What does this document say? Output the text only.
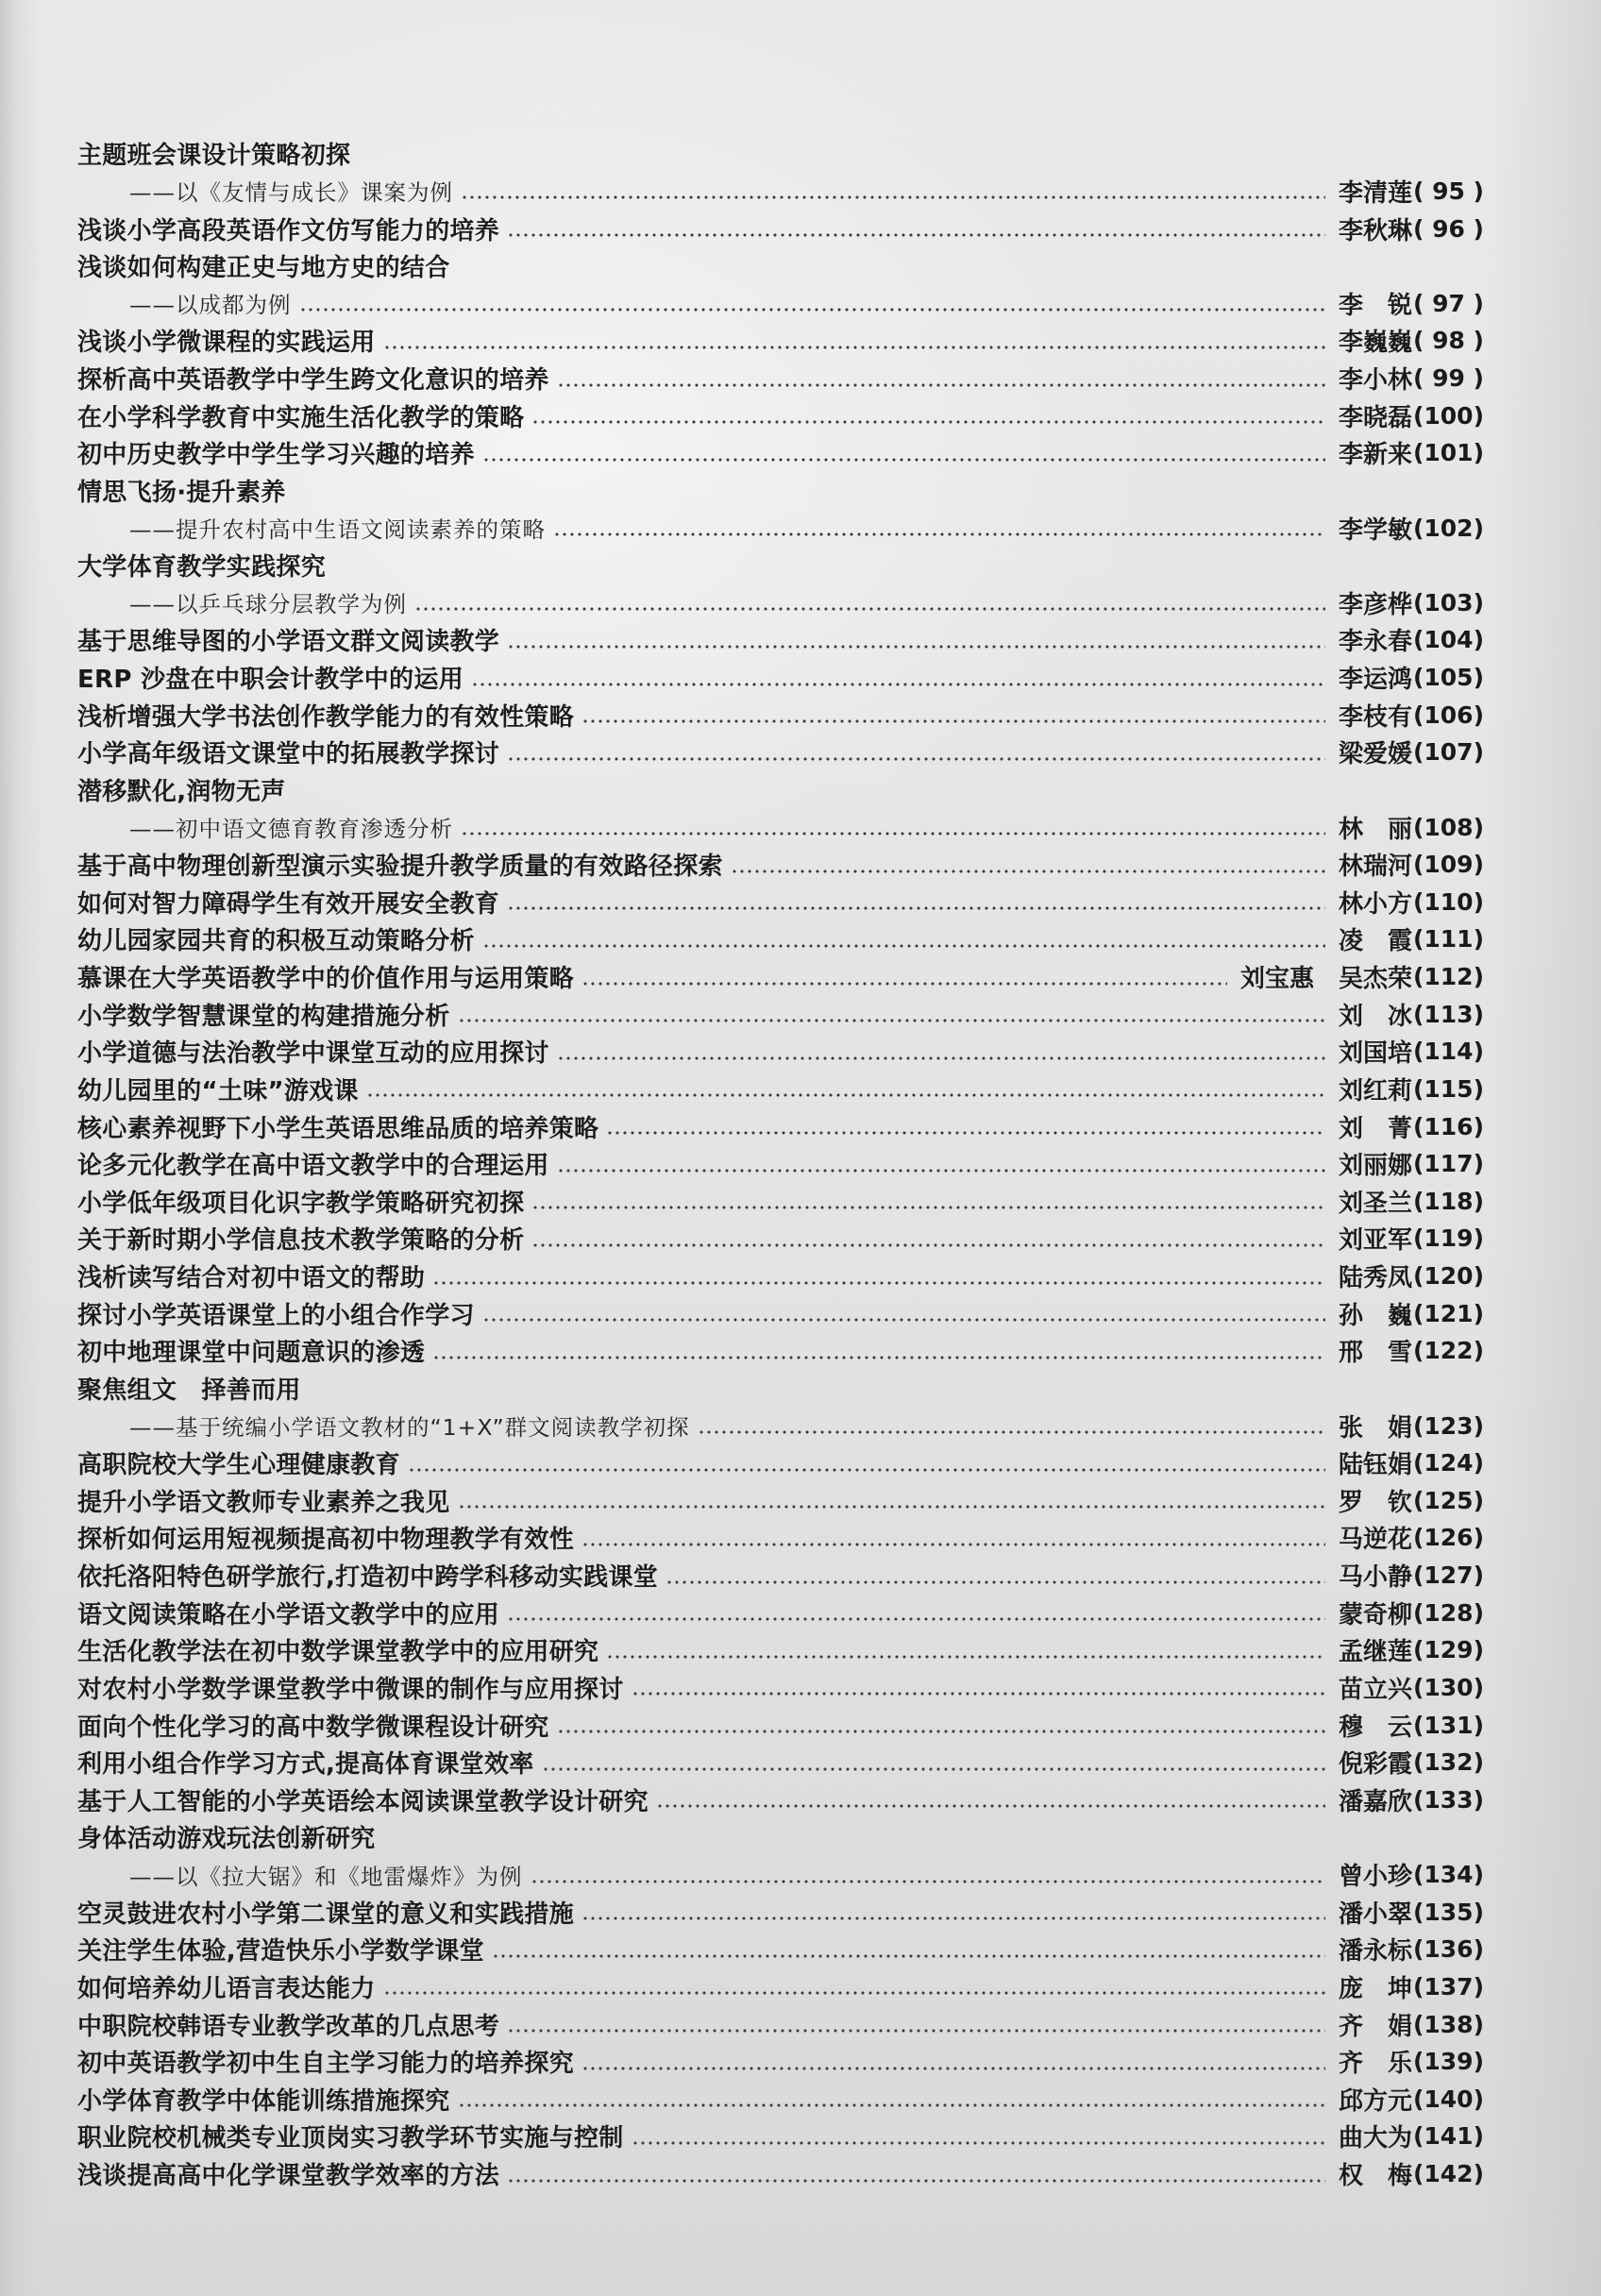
主题班会课设计策略初探
——以《友情与成长》课案为例	李清莲 ( 95 )
浅谈小学高段英语作文仿写能力的培养	李秋琳 ( 96 )
浅谈如何构建正史与地方史的结合
——以成都为例	李　锐 ( 97 )
浅谈小学微课程的实践运用	李巍巍 ( 98 )
探析高中英语教学中学生跨文化意识的培养	李小林 ( 99 )
在小学科学教育中实施生活化教学的策略	李晓磊 (100)
初中历史教学中学生学习兴趣的培养	李新来 (101)
情思飞扬·提升素养
——提升农村高中生语文阅读素养的策略	李学敏 (102)
大学体育教学实践探究
——以乒乓球分层教学为例	李彦桦 (103)
基于思维导图的小学语文群文阅读教学	李永春 (104)
ERP 沙盘在中职会计教学中的运用	李运鸿 (105)
浅析增强大学书法创作教学能力的有效性策略	李枝有 (106)
小学高年级语文课堂中的拓展教学探讨	梁爱媛 (107)
潜移默化,润物无声
——初中语文德育教育渗透分析	林　丽 (108)
基于高中物理创新型演示实验提升教学质量的有效路径探索	林瑞河 (109)
如何对智力障碍学生有效开展安全教育	林小方 (110)
幼儿园家园共育的积极互动策略分析	凌　霞 (111)
慕课在大学英语教学中的价值作用与运用策略	刘宝惠　吴杰荣 (112)
小学数学智慧课堂的构建措施分析	刘　冰 (113)
小学道德与法治教学中课堂互动的应用探讨	刘国培 (114)
幼儿园里的“土味”游戏课	刘红莉 (115)
核心素养视野下小学生英语思维品质的培养策略	刘　菁 (116)
论多元化教学在高中语文教学中的合理运用	刘丽娜 (117)
小学低年级项目化识字教学策略研究初探	刘圣兰 (118)
关于新时期小学信息技术教学策略的分析	刘亚军 (119)
浅析读写结合对初中语文的帮助	陆秀凤 (120)
探讨小学英语课堂上的小组合作学习	孙　巍 (121)
初中地理课堂中问题意识的渗透	邢　雪 (122)
聚焦组文　择善而用
——基于统编小学语文教材的“1+X”群文阅读教学初探	张　娟 (123)
高职院校大学生心理健康教育	陆钰娟 (124)
提升小学语文教师专业素养之我见	罗　钦 (125)
探析如何运用短视频提高初中物理教学有效性	马逆花 (126)
依托洛阳特色研学旅行,打造初中跨学科移动实践课堂	马小静 (127)
语文阅读策略在小学语文教学中的应用	蒙奇柳 (128)
生活化教学法在初中数学课堂教学中的应用研究	孟继莲 (129)
对农村小学数学课堂教学中微课的制作与应用探讨	苗立兴 (130)
面向个性化学习的高中数学微课程设计研究	穆　云 (131)
利用小组合作学习方式,提高体育课堂效率	倪彩霞 (132)
基于人工智能的小学英语绘本阅读课堂教学设计研究	潘嘉欣 (133)
身体活动游戏玩法创新研究
——以《拉大锯》和《地雷爆炸》为例	曾小珍 (134)
空灵鼓进农村小学第二课堂的意义和实践措施	潘小翠 (135)
关注学生体验,营造快乐小学数学课堂	潘永标 (136)
如何培养幼儿语言表达能力	庞　坤 (137)
中职院校韩语专业教学改革的几点思考	齐　娟 (138)
初中英语教学初中生自主学习能力的培养探究	齐　乐 (139)
小学体育教学中体能训练措施探究	邱方元 (140)
职业院校机械类专业顶岗实习教学环节实施与控制	曲大为 (141)
浅谈提高高中化学课堂教学效率的方法	权　梅 (142)
